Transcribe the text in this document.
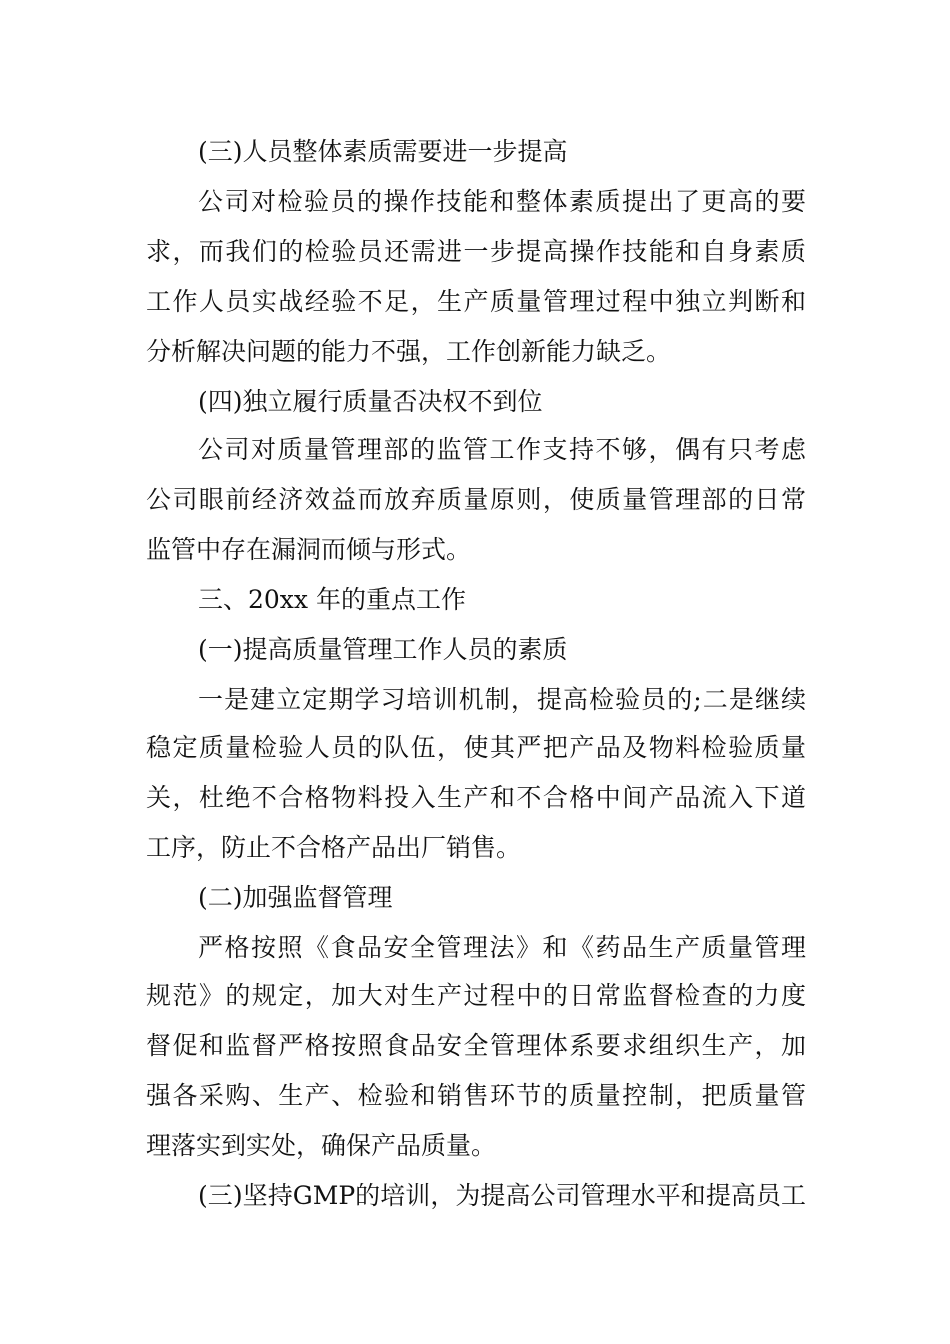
(三)人员整体素质需要进一步提高
公司对检验员的操作技能和整体素质提出了更高的要
求，而我们的检验员还需进一步提高操作技能和自身素质
工作人员实战经验不足，生产质量管理过程中独立判断和
分析解决问题的能力不强，工作创新能力缺乏。
(四)独立履行质量否决权不到位
公司对质量管理部的监管工作支持不够，偶有只考虑
公司眼前经济效益而放弃质量原则，使质量管理部的日常
监管中存在漏洞而倾与形式。
三、20xx 年的重点工作
(一)提高质量管理工作人员的素质
一是建立定期学习培训机制，提高检验员的;二是继续
稳定质量检验人员的队伍，使其严把产品及物料检验质量
关，杜绝不合格物料投入生产和不合格中间产品流入下道
工序，防止不合格产品出厂销售。
(二)加强监督管理
严格按照《食品安全管理法》和《药品生产质量管理
规范》的规定，加大对生产过程中的日常监督检查的力度
督促和监督严格按照食品安全管理体系要求组织生产，加
强各采购、生产、检验和销售环节的质量控制，把质量管
理落实到实处，确保产品质量。
(三)坚持GMP的培训，为提高公司管理水平和提高员工
